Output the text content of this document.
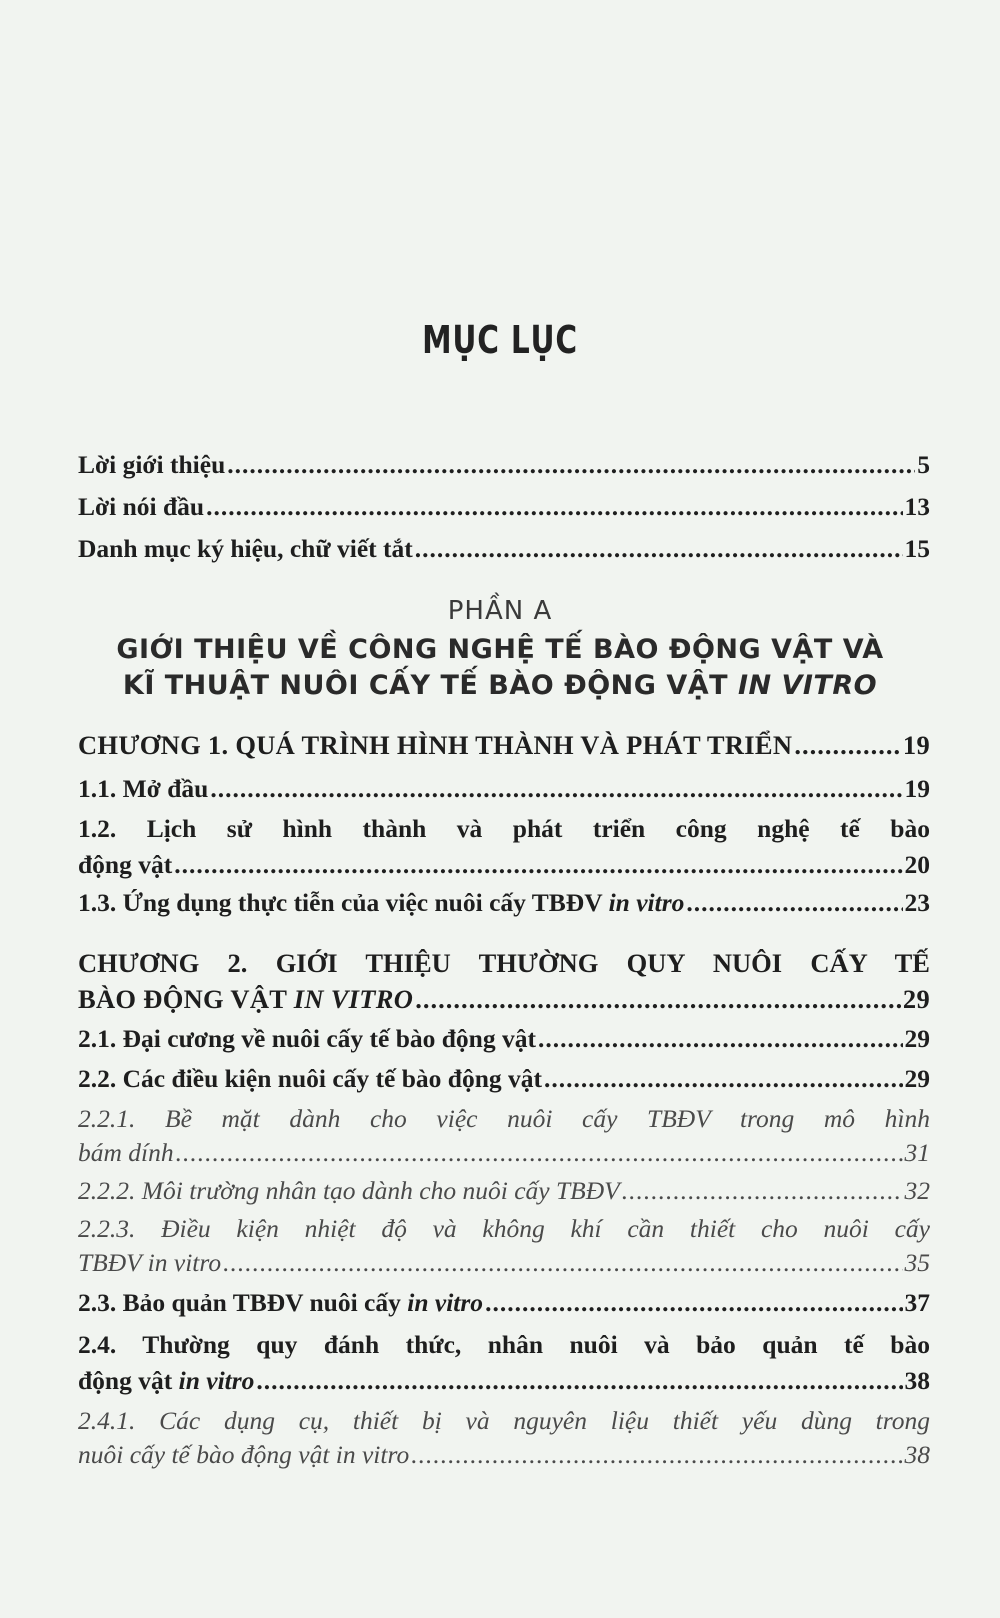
MỤC LỤC
Lời giới thiệu .....	5
Lời nói đầu .....	13
Danh mục ký hiệu, chữ viết tắt .....	15
PHẦN A
GIỚI THIỆU VỀ CÔNG NGHỆ TẾ BÀO ĐỘNG VẬT VÀ
KĨ THUẬT NUÔI CẤY TẾ BÀO ĐỘNG VẬT IN VITRO
CHƯƠNG 1. QUÁ TRÌNH HÌNH THÀNH VÀ PHÁT TRIỂN .....	19
1.1. Mở đầu .....	19
1.2. Lịch sử hình thành và phát triển công nghệ tế bào
động vật .....	20
1.3. Ứng dụng thực tiễn của việc nuôi cấy TBĐV in vitro .....	23
CHƯƠNG 2. GIỚI THIỆU THƯỜNG QUY NUÔI CẤY TẾ
BÀO ĐỘNG VẬT IN VITRO .....	29
2.1. Đại cương về nuôi cấy tế bào động vật .....	29
2.2. Các điều kiện nuôi cấy tế bào động vật .....	29
2.2.1. Bề mặt dành cho việc nuôi cấy TBĐV trong mô hình
bám dính .....	31
2.2.2. Môi trường nhân tạo dành cho nuôi cấy TBĐV .....	32
2.2.3. Điều kiện nhiệt độ và không khí cần thiết cho nuôi cấy
TBĐV in vitro .....	35
2.3. Bảo quản TBĐV nuôi cấy in vitro .....	37
2.4. Thường quy đánh thức, nhân nuôi và bảo quản tế bào
động vật in vitro .....	38
2.4.1. Các dụng cụ, thiết bị và nguyên liệu thiết yếu dùng trong
nuôi cấy tế bào động vật in vitro .....	38
